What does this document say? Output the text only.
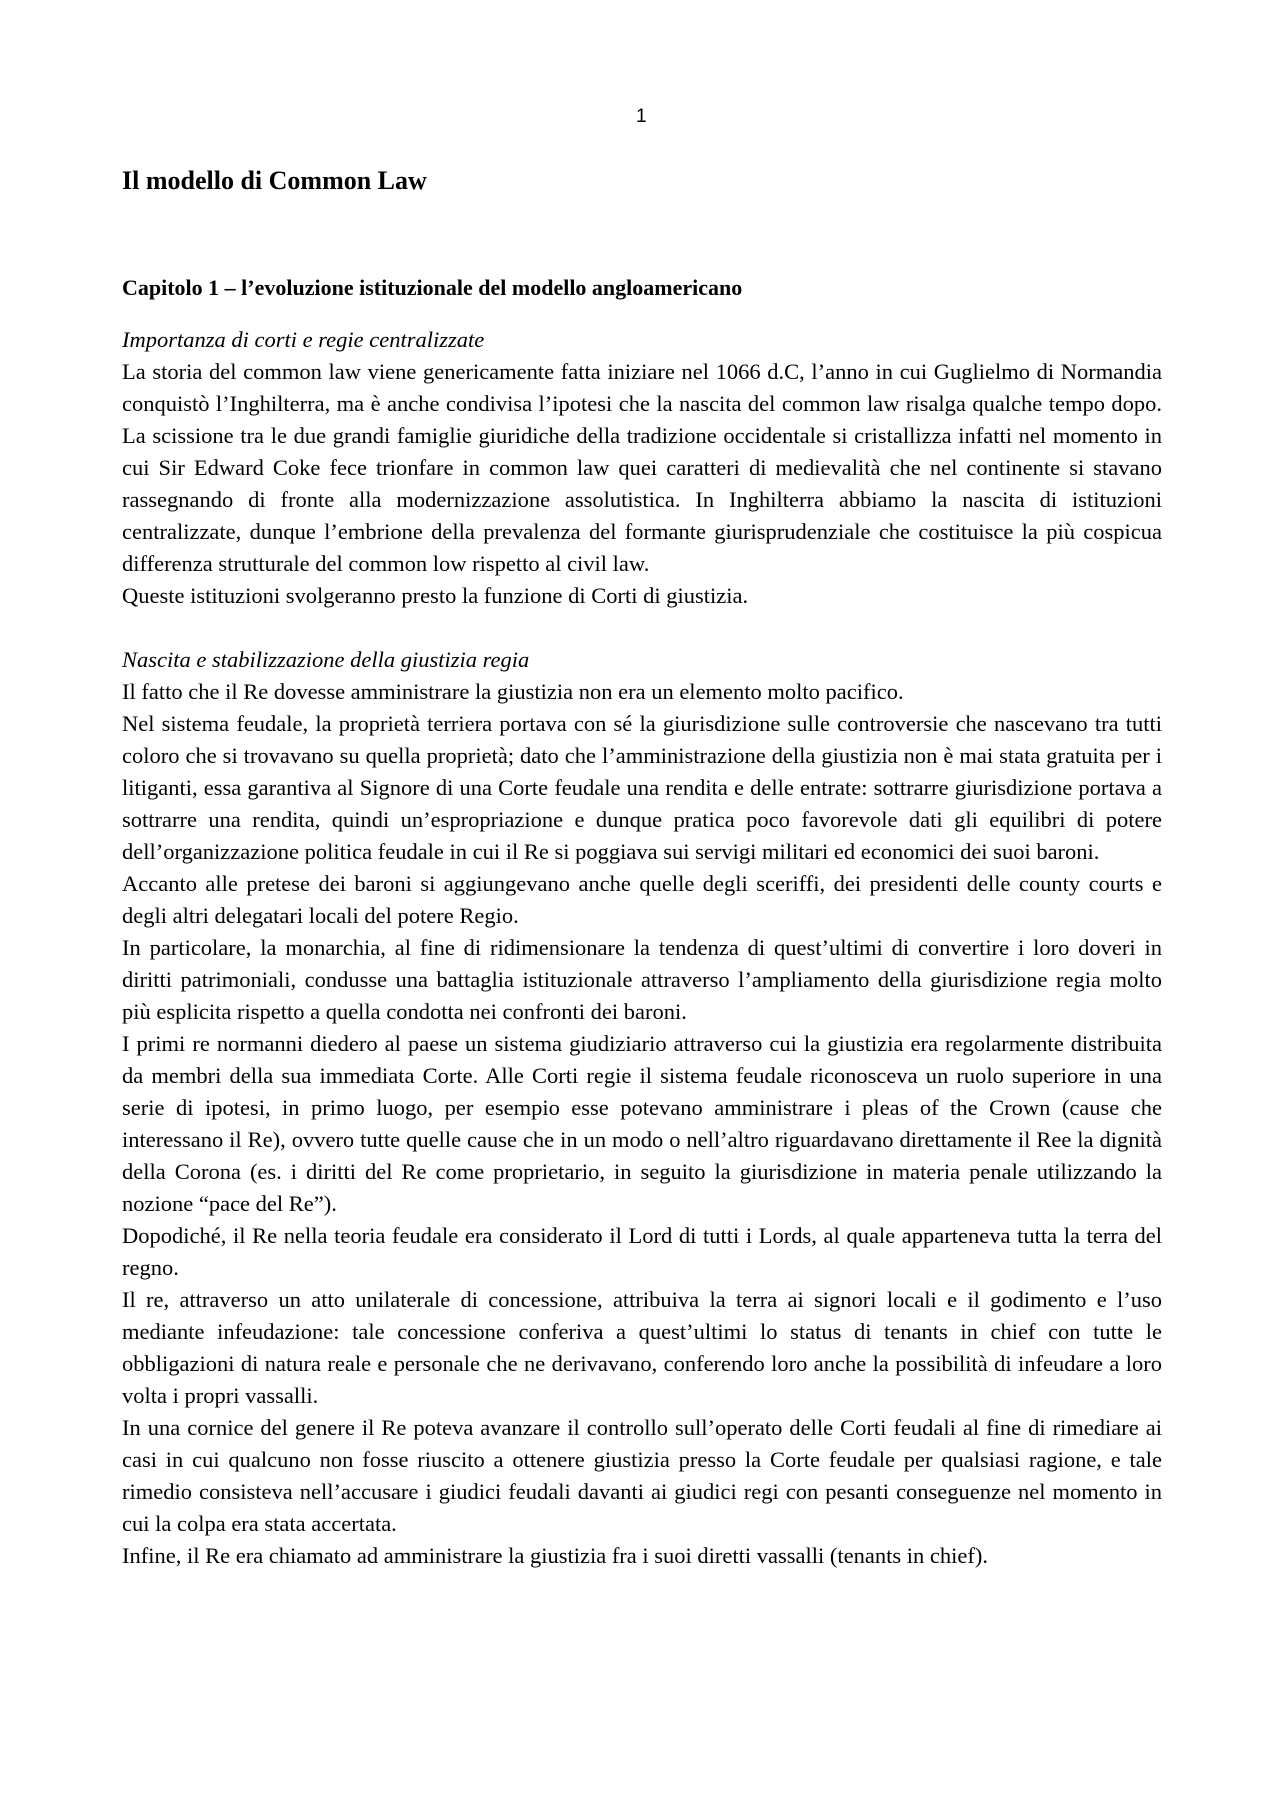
1
Il modello di Common Law
Capitolo 1 – l’evoluzione istituzionale del modello angloamericano
Importanza di corti e regie centralizzate

La storia del common law viene genericamente fatta iniziare nel 1066 d.C, l’anno in cui Guglielmo di Normandia conquistò l’Inghilterra, ma è anche condivisa l’ipotesi che la nascita del common law risalga qualche tempo dopo. La scissione tra le due grandi famiglie giuridiche della tradizione occidentale si cristallizza infatti nel momento in cui Sir Edward Coke fece trionfare in common law quei caratteri di medievalità che nel continente si stavano rassegnando di fronte alla modernizzazione assolutistica. In Inghilterra abbiamo la nascita di istituzioni centralizzate, dunque l’embrione della prevalenza del formante giurisprudenziale che costituisce la più cospicua differenza strutturale del common low rispetto al civil law.

Queste istituzioni svolgeranno presto la funzione di Corti di giustizia.

Nascita e stabilizzazione della giustizia regia

Il fatto che il Re dovesse amministrare la giustizia non era un elemento molto pacifico.

Nel sistema feudale, la proprietà terriera portava con sé la giurisdizione sulle controversie che nascevano tra tutti coloro che si trovavano su quella proprietà; dato che l’amministrazione della giustizia non è mai stata gratuita per i litiganti, essa garantiva al Signore di una Corte feudale una rendita e delle entrate: sottrarre giurisdizione portava a sottrarre una rendita, quindi un’espropriazione e dunque pratica poco favorevole dati gli equilibri di potere dell’organizzazione politica feudale in cui il Re si poggiava sui servigi militari ed economici dei suoi baroni.

Accanto alle pretese dei baroni si aggiungevano anche quelle degli sceriffi, dei presidenti delle county courts e degli altri delegatari locali del potere Regio.

In particolare, la monarchia, al fine di ridimensionare la tendenza di quest’ultimi di convertire i loro doveri in diritti patrimoniali, condusse una battaglia istituzionale attraverso l’ampliamento della giurisdizione regia molto più esplicita rispetto a quella condotta nei confronti dei baroni.

I primi re normanni diedero al paese un sistema giudiziario attraverso cui la giustizia era regolarmente distribuita da membri della sua immediata Corte. Alle Corti regie il sistema feudale riconosceva un ruolo superiore in una serie di ipotesi, in primo luogo, per esempio esse potevano amministrare i pleas of the Crown (cause che interessano il Re), ovvero tutte quelle cause che in un modo o nell’altro riguardavano direttamente il Ree la dignità della Corona (es. i diritti del Re come proprietario, in seguito la giurisdizione in materia penale utilizzando la nozione “pace del Re”).

Dopodiché, il Re nella teoria feudale era considerato il Lord di tutti i Lords, al quale apparteneva tutta la terra del regno.

Il re, attraverso un atto unilaterale di concessione, attribuiva la terra ai signori locali e il godimento e l’uso mediante infeudazione: tale concessione conferiva a quest’ultimi lo status di tenants in chief con tutte le obbligazioni di natura reale e personale che ne derivavano, conferendo loro anche la possibilità di infeudare a loro volta i propri vassalli.

In una cornice del genere il Re poteva avanzare il controllo sull’operato delle Corti feudali al fine di rimediare ai casi in cui qualcuno non fosse riuscito a ottenere giustizia presso la Corte feudale per qualsiasi ragione, e tale rimedio consisteva nell’accusare i giudici feudali davanti ai giudici regi con pesanti conseguenze nel momento in cui la colpa era stata accertata.

Infine, il Re era chiamato ad amministrare la giustizia fra i suoi diretti vassalli (tenants in chief).
